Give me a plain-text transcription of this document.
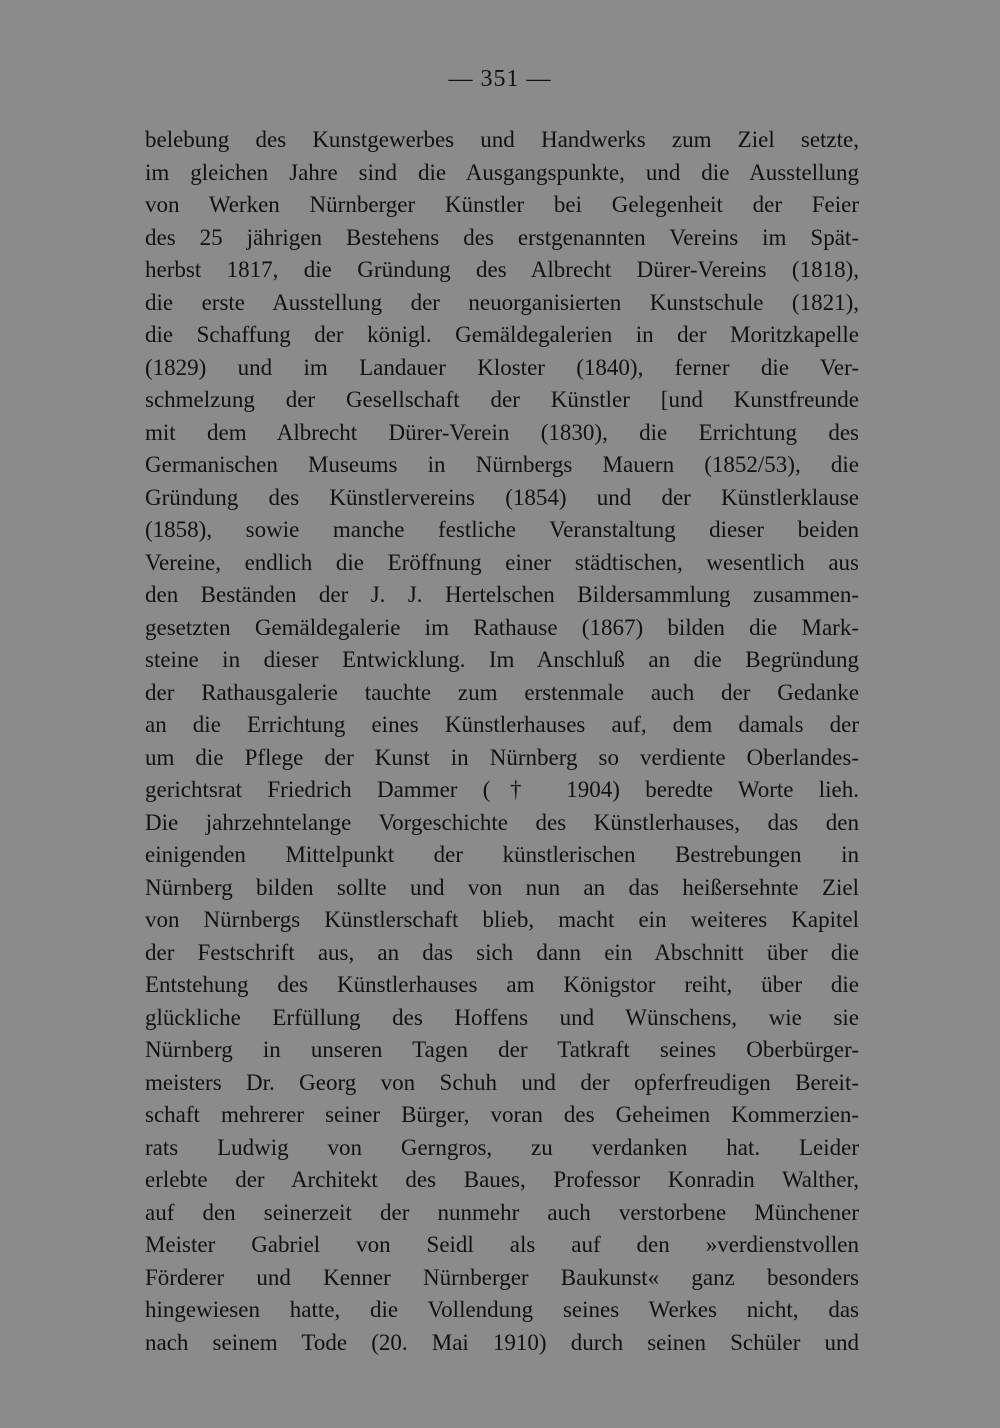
— 351 —
belebung des Kunstgewerbes und Handwerks zum Ziel setzte,
im gleichen Jahre sind die Ausgangspunkte, und die Ausstellung
von Werken Nürnberger Künstler bei Gelegenheit der Feier
des 25 jährigen Bestehens des erstgenannten Vereins im Spät-
herbst 1817, die Gründung des Albrecht Dürer-Vereins (1818),
die erste Ausstellung der neuorganisierten Kunstschule (1821),
die Schaffung der königl. Gemäldegalerien in der Moritzkapelle
(1829) und im Landauer Kloster (1840), ferner die Ver-
schmelzung der Gesellschaft der Künstler [und Kunstfreunde
mit dem Albrecht Dürer-Verein (1830), die Errichtung des
Germanischen Museums in Nürnbergs Mauern (1852/53), die
Gründung des Künstlervereins (1854) und der Künstlerklause
(1858), sowie manche festliche Veranstaltung dieser beiden
Vereine, endlich die Eröffnung einer städtischen, wesentlich aus
den Beständen der J. J. Hertelschen Bildersammlung zusammen-
gesetzten Gemäldegalerie im Rathause (1867) bilden die Mark-
steine in dieser Entwicklung. Im Anschluß an die Begründung
der Rathausgalerie tauchte zum erstenmale auch der Gedanke
an die Errichtung eines Künstlerhauses auf, dem damals der
um die Pflege der Kunst in Nürnberg so verdiente Oberlandes-
gerichtsrat Friedrich Dammer († 1904) beredte Worte lieh.
Die jahrzehntelange Vorgeschichte des Künstlerhauses, das den
einigenden Mittelpunkt der künstlerischen Bestrebungen in
Nürnberg bilden sollte und von nun an das heißersehnte Ziel
von Nürnbergs Künstlerschaft blieb, macht ein weiteres Kapitel
der Festschrift aus, an das sich dann ein Abschnitt über die
Entstehung des Künstlerhauses am Königstor reiht, über die
glückliche Erfüllung des Hoffens und Wünschens, wie sie
Nürnberg in unseren Tagen der Tatkraft seines Oberbürger-
meisters Dr. Georg von Schuh und der opferfreudigen Bereit-
schaft mehrerer seiner Bürger, voran des Geheimen Kommerzien-
rats Ludwig von Gerngros, zu verdanken hat. Leider
erlebte der Architekt des Baues, Professor Konradin Walther,
auf den seinerzeit der nunmehr auch verstorbene Münchener
Meister Gabriel von Seidl als auf den »verdienstvollen
Förderer und Kenner Nürnberger Baukunst« ganz besonders
hingewiesen hatte, die Vollendung seines Werkes nicht, das
nach seinem Tode (20. Mai 1910) durch seinen Schüler und
